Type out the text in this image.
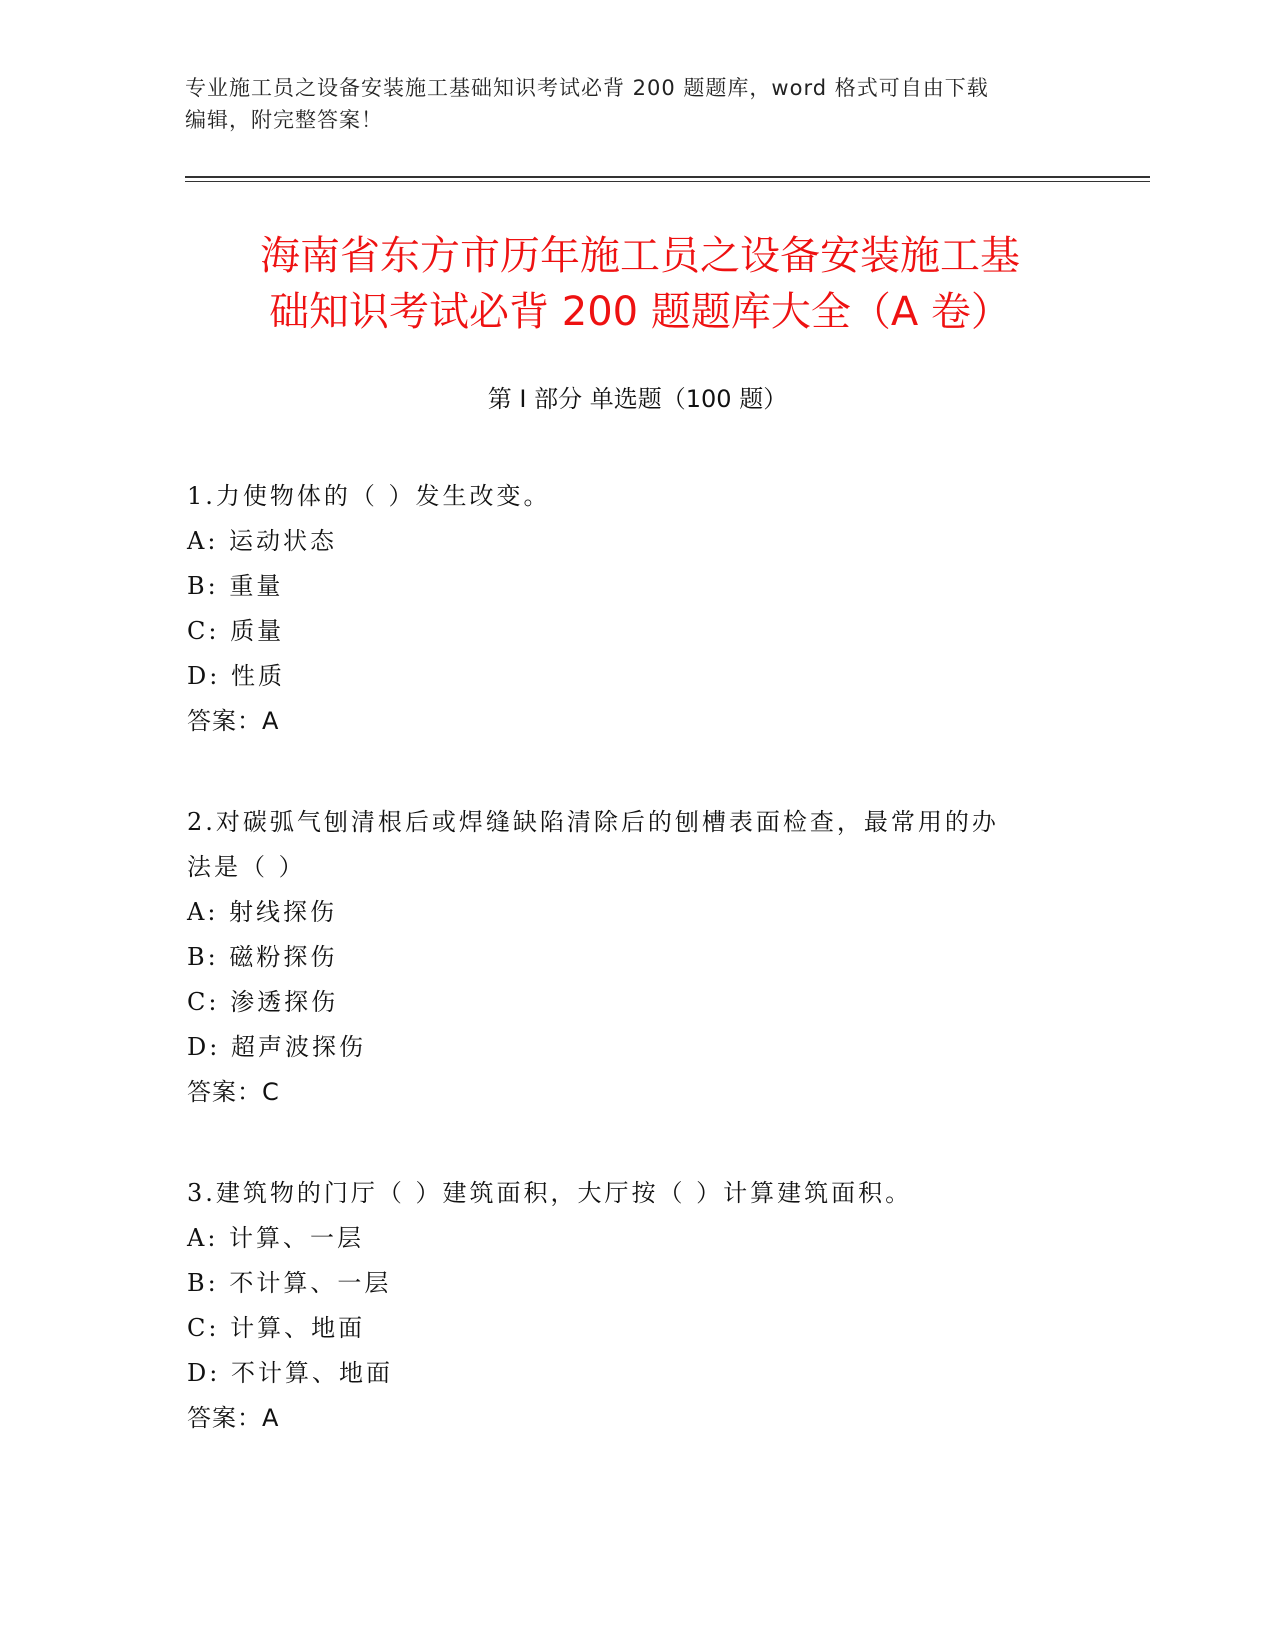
专业施工员之设备安装施工基础知识考试必背 200 题题库，word 格式可自由下载
编辑，附完整答案！
海南省东方市历年施工员之设备安装施工基
础知识考试必背 200 题题库大全（A 卷）
第 I 部分 单选题（100 题）
1.力使物体的（ ）发生改变。
A: 运动状态
B: 重量
C: 质量
D: 性质
答案：A
2.对碳弧气刨清根后或焊缝缺陷清除后的刨槽表面检查，最常用的办
法是（ ）
A: 射线探伤
B: 磁粉探伤
C: 渗透探伤
D: 超声波探伤
答案：C
3.建筑物的门厅（ ）建筑面积，大厅按（ ）计算建筑面积。
A: 计算、一层
B: 不计算、一层
C: 计算、地面
D: 不计算、地面
答案：A
